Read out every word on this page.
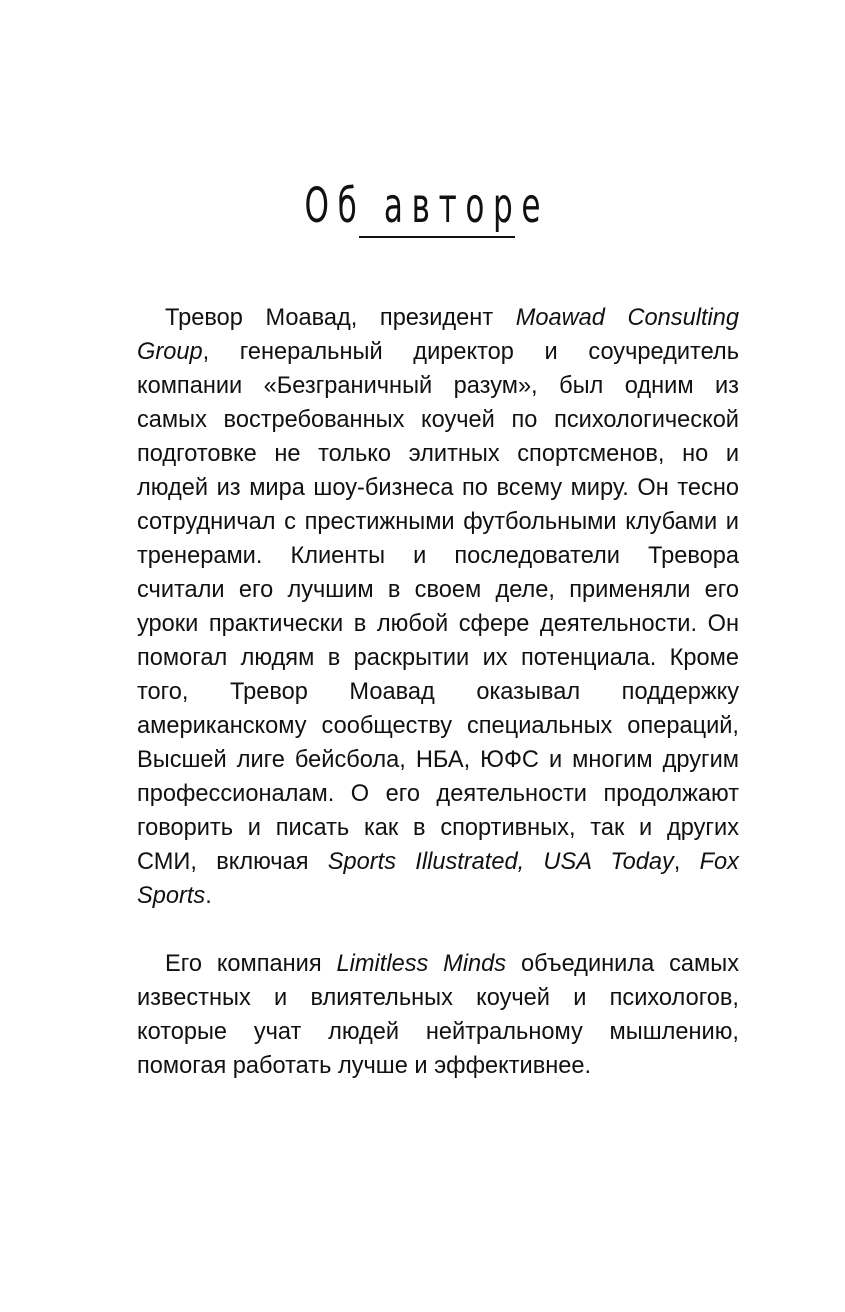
Об авторе

Тревор Моавад, президент Moawad Consulting Group, генеральный директор и соучредитель компании «Безграничный разум», был одним из самых востребованных коучей по психологической подготовке не только элитных спортсменов, но и людей из мира шоу-бизнеса по всему миру. Он тесно сотрудничал с престижными футбольными клубами и тренерами. Клиенты и последователи Тревора считали его лучшим в своем деле, применяли его уроки практически в любой сфере деятельности. Он помогал людям в раскрытии их потенциала. Кроме того, Тревор Моавад оказывал поддержку американскому сообществу специальных операций, Высшей лиге бейсбола, НБА, ЮФС и многим другим профессионалам. О его деятельности продолжают говорить и писать как в спортивных, так и других СМИ, включая Sports Illustrated, USA Today, Fox Sports.

Его компания Limitless Minds объединила самых известных и влиятельных коучей и психологов, которые учат людей нейтральному мышлению, помогая работать лучше и эффективнее.
